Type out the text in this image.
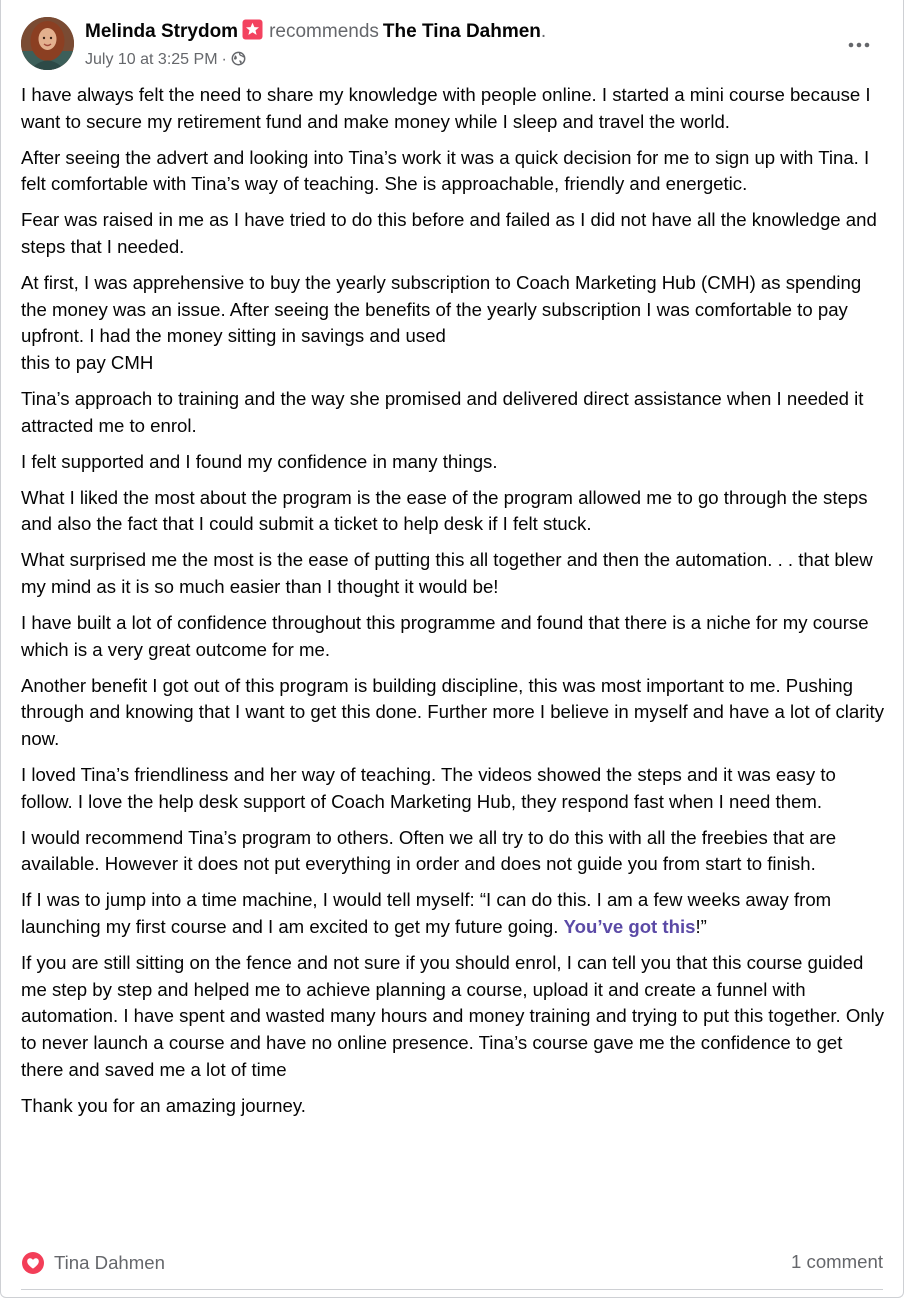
Melinda Strydom recommends The Tina Dahmen.
July 10 at 3:25 PM ·

I have always felt the need to share my knowledge with people online. I started a mini course because I want to secure my retirement fund and make money while I sleep and travel the world.

After seeing the advert and looking into Tina’s work it was a quick decision for me to sign up with Tina. I felt comfortable with Tina’s way of teaching. She is approachable, friendly and energetic.

Fear was raised in me as I have tried to do this before and failed as I did not have all the knowledge and steps that I needed.

At first, I was apprehensive to buy the yearly subscription to Coach Marketing Hub (CMH) as spending the money was an issue. After seeing the benefits of the yearly subscription I was comfortable to pay upfront. I had the money sitting in savings and used

this to pay CMH

Tina’s approach to training and the way she promised and delivered direct assistance when I needed it attracted me to enrol.

I felt supported and I found my confidence in many things.

What I liked the most about the program is the ease of the program allowed me to go through the steps and also the fact that I could submit a ticket to help desk if I felt stuck.

What surprised me the most is the ease of putting this all together and then the automation. . . that blew my mind as it is so much easier than I thought it would be!

I have built a lot of confidence throughout this programme and found that there is a niche for my course which is a very great outcome for me.

Another benefit I got out of this program is building discipline, this was most important to me. Pushing through and knowing that I want to get this done. Further more I believe in myself and have a lot of clarity now.

I loved Tina’s friendliness and her way of teaching. The videos showed the steps and it was easy to follow. I love the help desk support of Coach Marketing Hub, they respond fast when I need them.

I would recommend Tina’s program to others. Often we all try to do this with all the freebies that are available. However it does not put everything in order and does not guide you from start to finish.

If I was to jump into a time machine, I would tell myself: “I can do this. I am a few weeks away from launching my first course and I am excited to get my future going. You’ve got this!”

If you are still sitting on the fence and not sure if you should enrol, I can tell you that this course guided me step by step and helped me to achieve planning a course, upload it and create a funnel with automation. I have spent and wasted many hours and money training and trying to put this together. Only to never launch a course and have no online presence. Tina’s course gave me the confidence to get there and saved me a lot of time

Thank you for an amazing journey.

Tina Dahmen	1 comment
